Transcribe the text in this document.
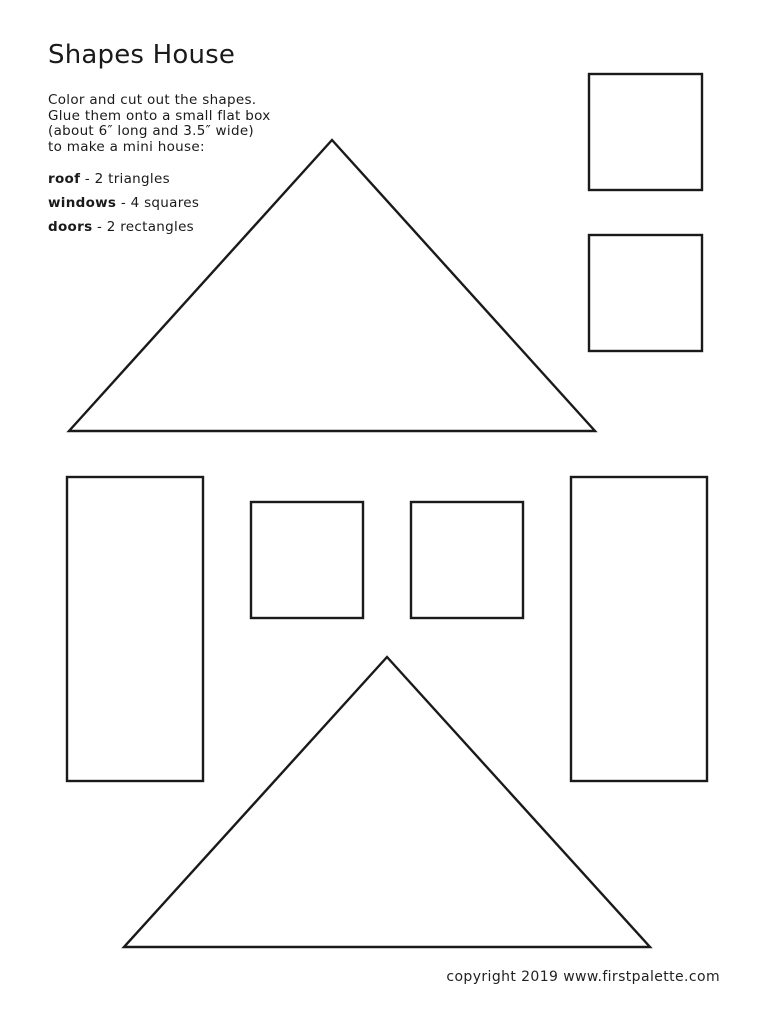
Shapes House
Color and cut out the shapes.
Glue them onto a small flat box
(about 6″ long and 3.5″ wide)
to make a mini house:
roof - 2 triangles
windows - 4 squares
doors - 2 rectangles
copyright 2019 www.firstpalette.com
